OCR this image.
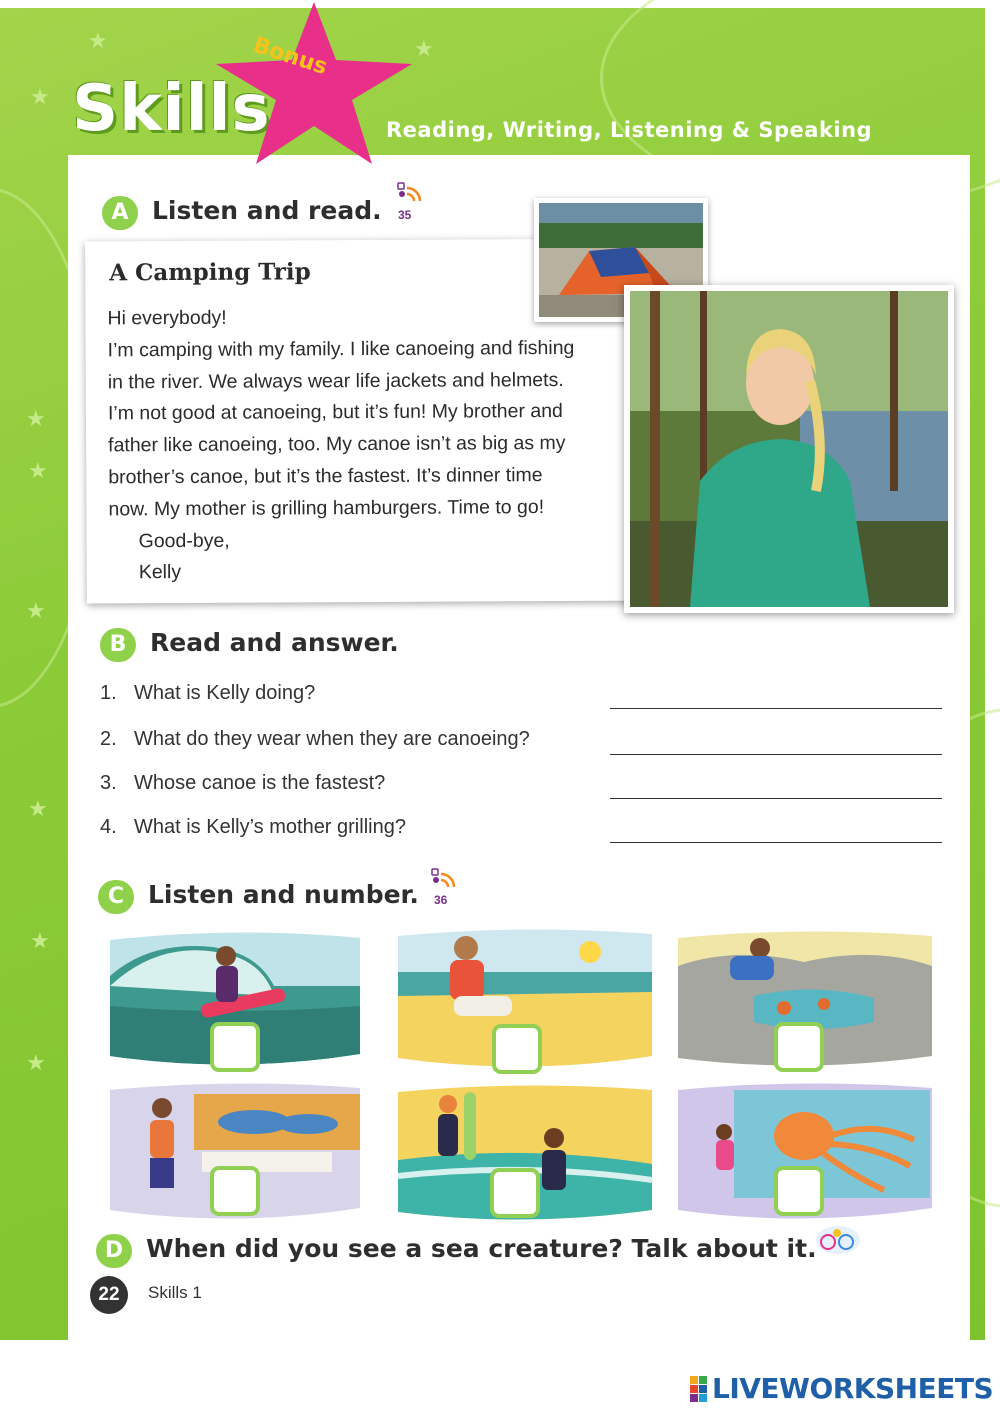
★	★
★
★
★
★
★
★
★
Skills
Bonus
Reading, Writing, Listening & Speaking
A Listen and read. 35
A Camping Trip

Hi everybody!

I’m camping with my family. I like canoeing and fishing

in the river. We always wear life jackets and helmets.

I’m not good at canoeing, but it’s fun! My brother and

father like canoeing, too. My canoe isn’t as big as my

brother’s canoe, but it’s the fastest. It’s dinner time

now. My mother is grilling hamburgers. Time to go!

Good-bye,

Kelly

B Read and answer.
1. What is Kelly doing?
2. What do they wear when they are canoeing?
3. Whose canoe is the fastest?
4. What is Kelly’s mother grilling?
C Listen and number. 36
D When did you see a sea creature? Talk about it.
22	Skills 1
LIVEWORKSHEETS
